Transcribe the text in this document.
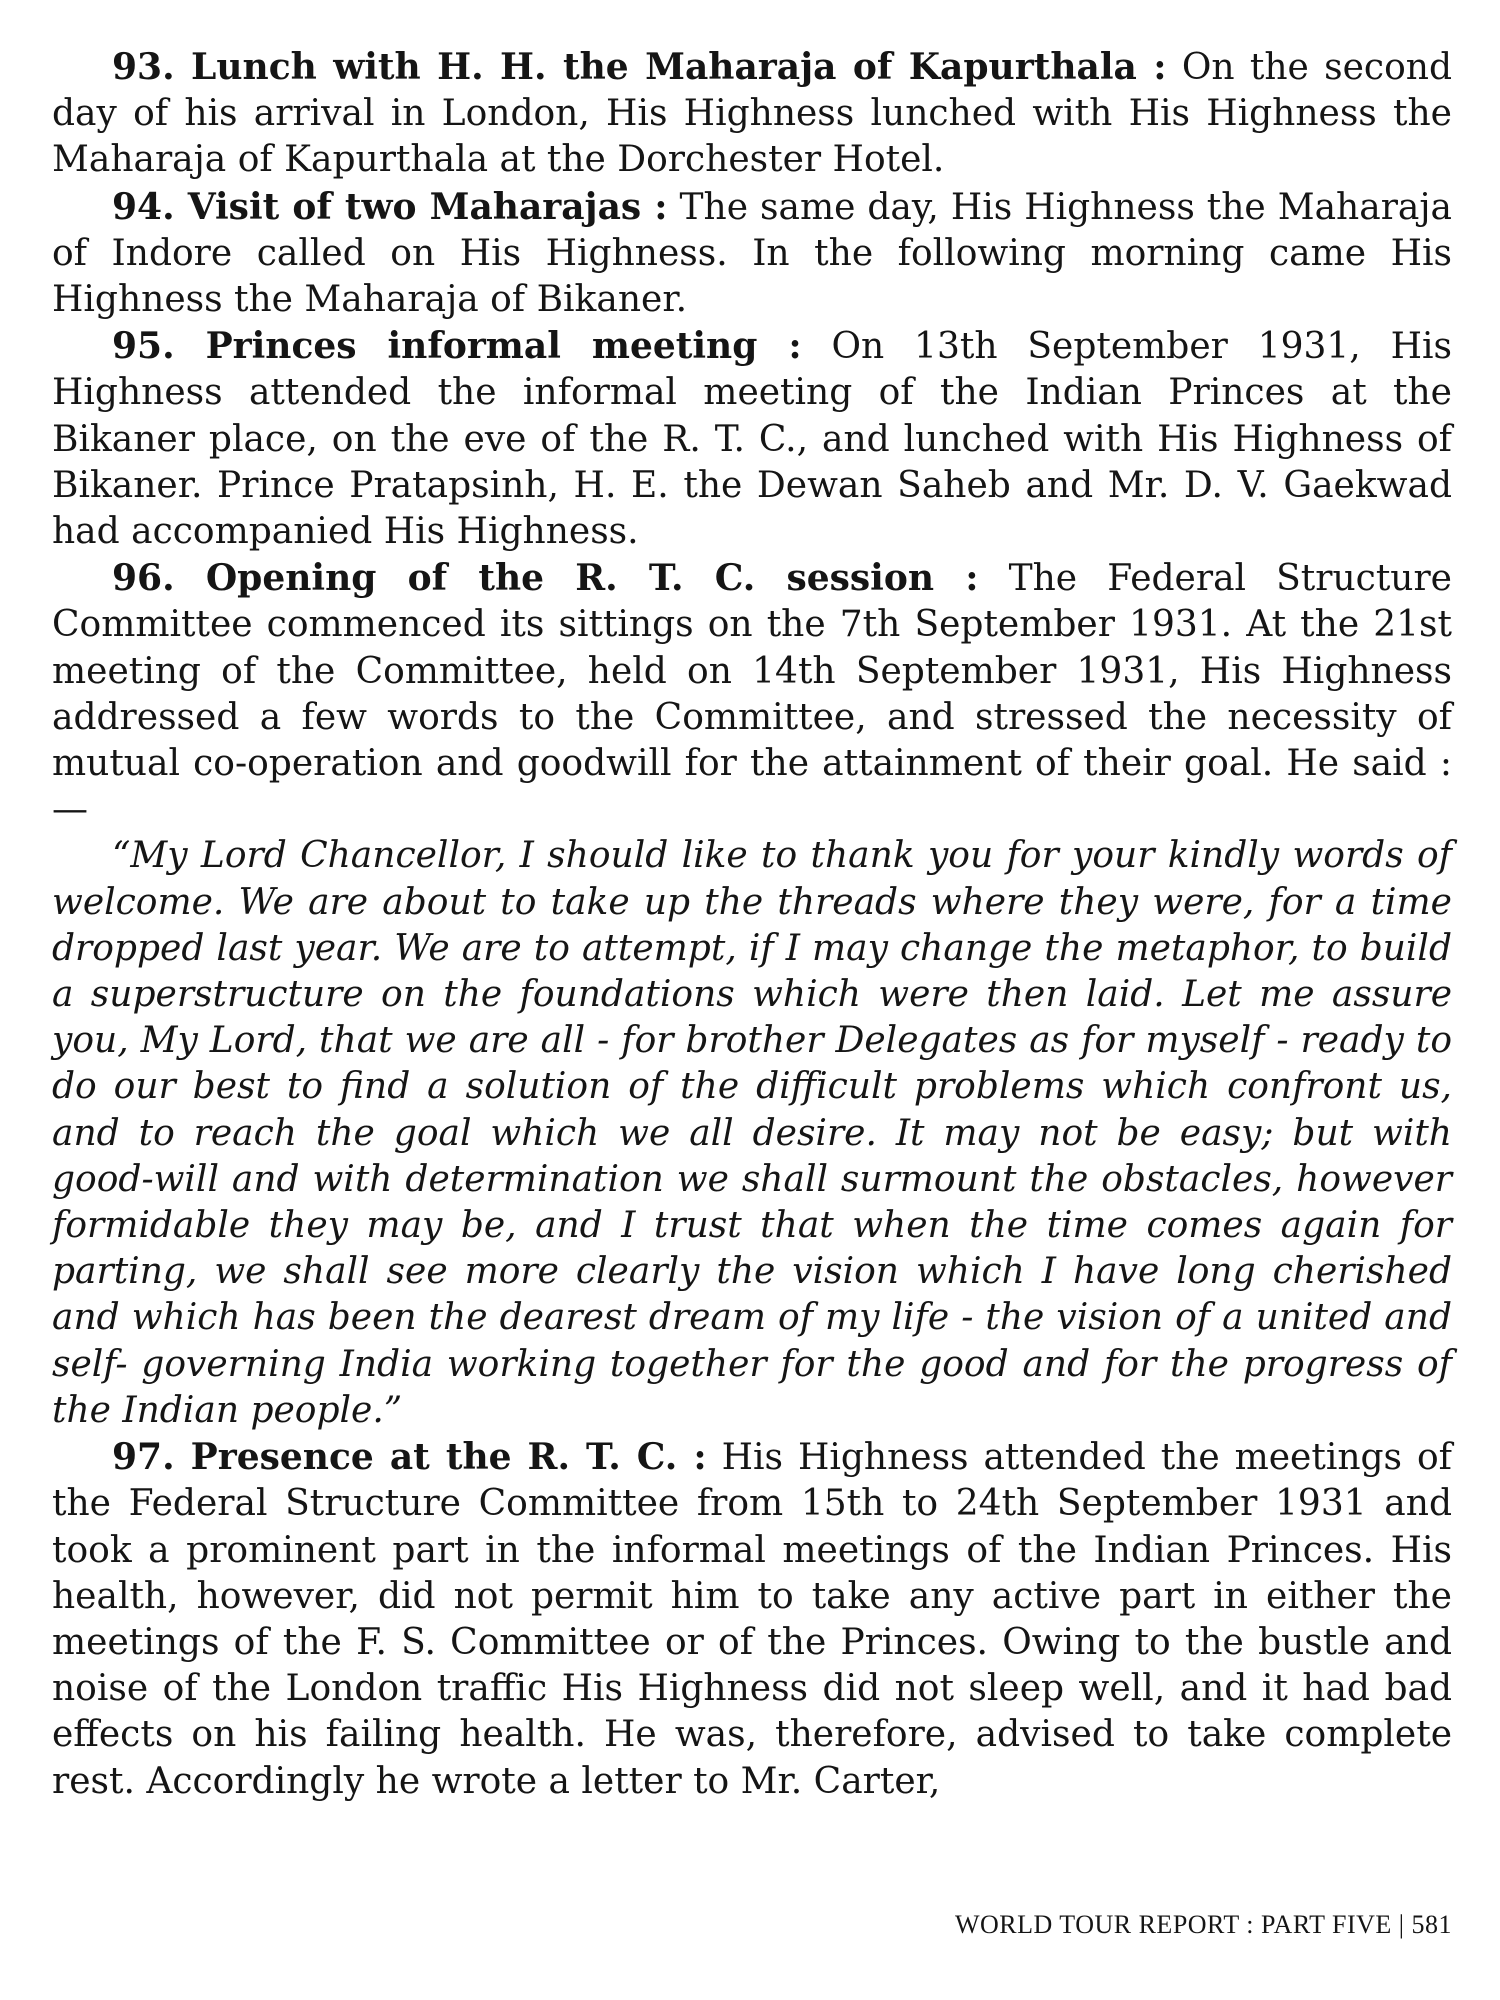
93. Lunch with H. H. the Maharaja of Kapurthala : On the second day of his arrival in London, His Highness lunched with His Highness the Maharaja of Kapurthala at the Dorchester Hotel.

94. Visit of two Maharajas : The same day, His Highness the Maharaja of Indore called on His Highness. In the following morning came His Highness the Maharaja of Bikaner.

95. Princes informal meeting : On 13th September 1931, His Highness attended the informal meeting of the Indian Princes at the Bikaner place, on the eve of the R. T. C., and lunched with His Highness of Bikaner. Prince Pratapsinh, H. E. the Dewan Saheb and Mr. D. V. Gaekwad had accompanied His Highness.

96. Opening of the R. T. C. session : The Federal Structure Committee commenced its sittings on the 7th September 1931. At the 21st meeting of the Committee, held on 14th September 1931, His Highness addressed a few words to the Committee, and stressed the necessity of mutual co-operation and goodwill for the attainment of their goal. He said :—

“My Lord Chancellor, I should like to thank you for your kindly words of welcome. We are about to take up the threads where they were, for a time dropped last year. We are to attempt, if I may change the metaphor, to build a superstructure on the foundations which were then laid. Let me assure you, My Lord, that we are all - for brother Delegates as for myself - ready to do our best to find a solution of the difficult problems which confront us, and to reach the goal which we all desire. It may not be easy; but with good-will and with determination we shall surmount the obstacles, however formidable they may be, and I trust that when the time comes again for parting, we shall see more clearly the vision which I have long cherished and which has been the dearest dream of my life - the vision of a united and self- governing India working together for the good and for the progress of the Indian people.”

97. Presence at the R. T. C. : His Highness attended the meetings of the Federal Structure Committee from 15th to 24th September 1931 and took a prominent part in the informal meetings of the Indian Princes. His health, however, did not permit him to take any active part in either the meetings of the F. S. Committee or of the Princes. Owing to the bustle and noise of the London traffic His Highness did not sleep well, and it had bad effects on his failing health. He was, therefore, advised to take complete rest. Accordingly he wrote a letter to Mr. Carter,

WORLD TOUR REPORT : PART FIVE | 581
